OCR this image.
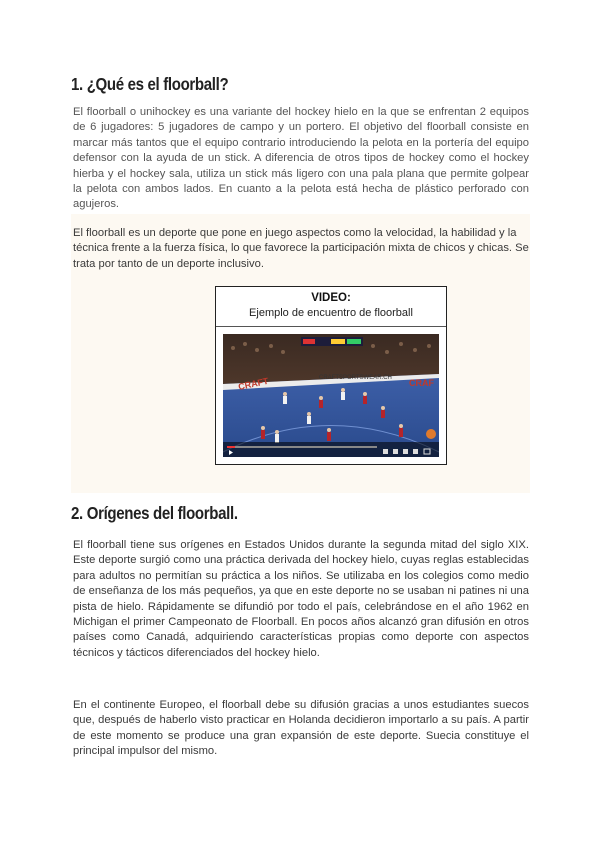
1. ¿Qué es el floorball?

El floorball o unihockey es una variante del hockey hielo en la que se enfrentan 2 equipos de 6 jugadores: 5 jugadores de campo y un portero. El objetivo del floorball consiste en marcar más tantos que el equipo contrario introduciendo la pelota en la portería del equipo defensor con la ayuda de un stick. A diferencia de otros tipos de hockey como el hockey hierba y el hockey sala, utiliza un stick más ligero con una pala plana que permite golpear la pelota con ambos lados. En cuanto a la pelota está hecha de plástico perforado con agujeros.

El floorball es un deporte que pone en juego aspectos como la velocidad, la habilidad y la técnica frente a la fuerza física, lo que favorece la participación mixta de chicos y chicas. Se trata por tanto de un deporte inclusivo.

VIDEO:
Ejemplo de encuentro de floorball
CRAFT	CRAFTSPORTSWEAR.CH CRAF
2. Orígenes del floorball.

El floorball tiene sus orígenes en Estados Unidos durante la segunda mitad del siglo XIX. Este deporte surgió como una práctica derivada del hockey hielo, cuyas reglas establecidas para adultos no permitían su práctica a los niños. Se utilizaba en los colegios como medio de enseñanza de los más pequeños, ya que en este deporte no se usaban ni patines ni una pista de hielo. Rápidamente se difundió por todo el país, celebrándose en el año 1962 en Michigan el primer Campeonato de Floorball. En pocos años alcanzó gran difusión en otros países como Canadá, adquiriendo características propias como deporte con aspectos técnicos y tácticos diferenciados del hockey hielo.

En el continente Europeo, el floorball debe su difusión gracias a unos estudiantes suecos que, después de haberlo visto practicar en Holanda decidieron importarlo a su país. A partir de este momento se produce una gran expansión de este deporte. Suecia constituye el principal impulsor del mismo.
